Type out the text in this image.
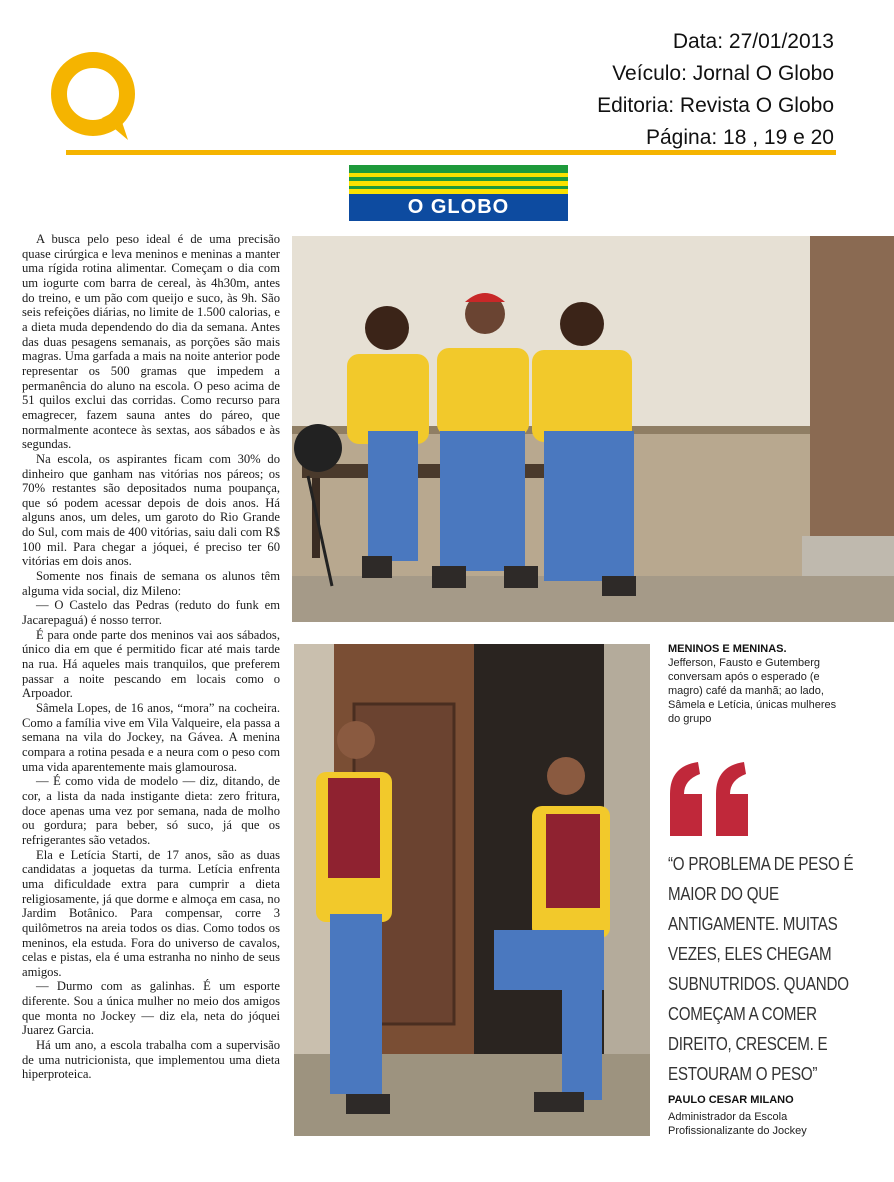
Data: 27/01/2013
Veículo: Jornal O Globo
Editoria: Revista O Globo
Página: 18 , 19 e 20
O GLOBO

A busca pelo peso ideal é de uma precisão quase cirúrgica e leva meninos e meninas a manter uma rígida rotina alimentar. Começam o dia com um iogurte com barra de cereal, às 4h30m, antes do treino, e um pão com queijo e suco, às 9h. São seis refeições diárias, no limite de 1.500 calorias, e a dieta muda dependendo do dia da semana. Antes das duas pesagens semanais, as porções são mais magras. Uma garfada a mais na noite anterior pode representar os 500 gramas que impedem a permanência do aluno na escola. O peso acima de 51 quilos exclui das corridas. Como recurso para emagrecer, fazem sauna antes do páreo, que normalmente acontece às sextas, aos sábados e às segundas.

Na escola, os aspirantes ficam com 30% do dinheiro que ganham nas vitórias nos páreos; os 70% restantes são depositados numa poupança, que só podem acessar depois de dois anos. Há alguns anos, um deles, um garoto do Rio Grande do Sul, com mais de 400 vitórias, saiu dali com R$ 100 mil. Para chegar a jóquei, é preciso ter 60 vitórias em dois anos.

Somente nos finais de semana os alunos têm alguma vida social, diz Mileno:

— O Castelo das Pedras (reduto do funk em Jacarepaguá) é nosso terror.

É para onde parte dos meninos vai aos sábados, único dia em que é permitido ficar até mais tarde na rua. Há aqueles mais tranquilos, que preferem passar a noite pescando em locais como o Arpoador.

Sâmela Lopes, de 16 anos, “mora” na cocheira. Como a família vive em Vila Valqueire, ela passa a semana na vila do Jockey, na Gávea. A menina compara a rotina pesada e a neura com o peso com uma vida aparentemente mais glamourosa.

— É como vida de modelo — diz, ditando, de cor, a lista da nada instigante dieta: zero fritura, doce apenas uma vez por semana, nada de molho ou gordura; para beber, só suco, já que os refrigerantes são vetados.

Ela e Letícia Starti, de 17 anos, são as duas candidatas a joquetas da turma. Letícia enfrenta uma dificuldade extra para cumprir a dieta religiosamente, já que dorme e almoça em casa, no Jardim Botânico. Para compensar, corre 3 quilômetros na areia todos os dias. Como todos os meninos, ela estuda. Fora do universo de cavalos, celas e pistas, ela é uma estranha no ninho de seus amigos.

— Durmo com as galinhas. É um esporte diferente. Sou a única mulher no meio dos amigos que monta no Jockey — diz ela, neta do jóquei Juarez Garcia.

Há um ano, a escola trabalha com a supervisão de uma nutricionista, que implementou uma dieta hiperproteica.

MENINOS E MENINAS.
Jefferson, Fausto e Gutemberg conversam após o esperado (e magro) café da manhã; ao lado, Sâmela e Letícia, únicas mulheres do grupo
“O PROBLEMA DE PESO É MAIOR DO QUE ANTIGAMENTE. MUITAS VEZES, ELES CHEGAM SUBNUTRIDOS. QUANDO COMEÇAM A COMER DIREITO, CRESCEM. E ESTOURAM O PESO”
PAULO CESAR MILANO
Administrador da Escola Profissionalizante do Jockey
